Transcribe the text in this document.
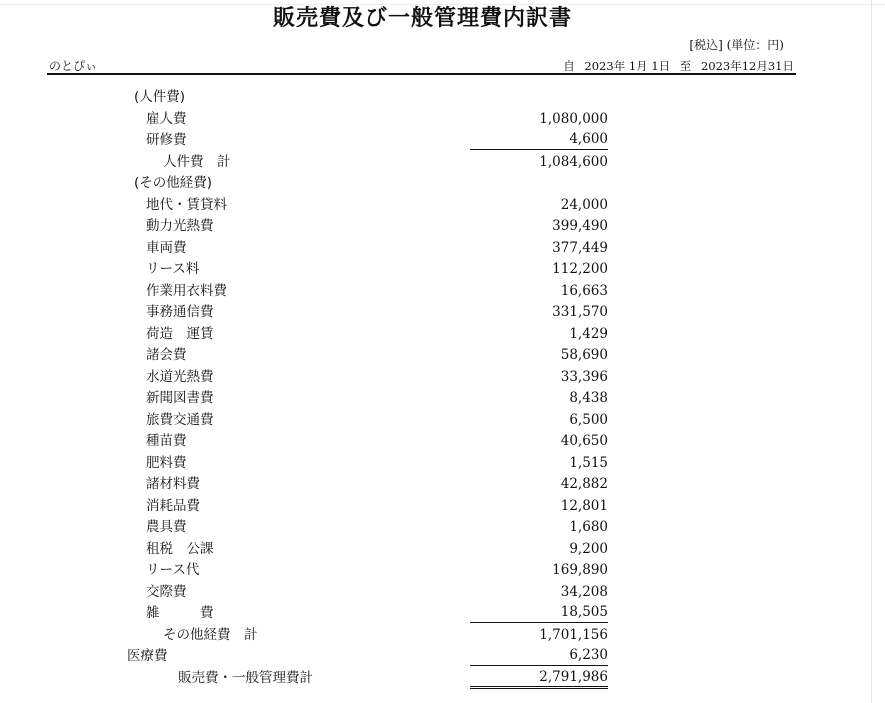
販売費及び一般管理費内訳書
[税込] (単位：円)
のとぴぃ	自 2023年 1月 1日 至 2023年12月31日
(人件費)
雇人費	1,080,000
研修費	4,600
人件費　計	1,084,600
(その他経費)
地代・賃貸料	24,000
動力光熱費	399,490
車両費	377,449
リース料	112,200
作業用衣料費	16,663
事務通信費	331,570
荷造　運賃	1,429
諸会費	58,690
水道光熱費	33,396
新聞図書費	8,438
旅費交通費	6,500
種苗費	40,650
肥料費	1,515
諸材料費	42,882
消耗品費	12,801
農具費	1,680
租税　公課	9,200
リース代	169,890
交際費	34,208
雑　　　費	18,505
その他経費　計	1,701,156
医療費	6,230
販売費・一般管理費計	2,791,986
